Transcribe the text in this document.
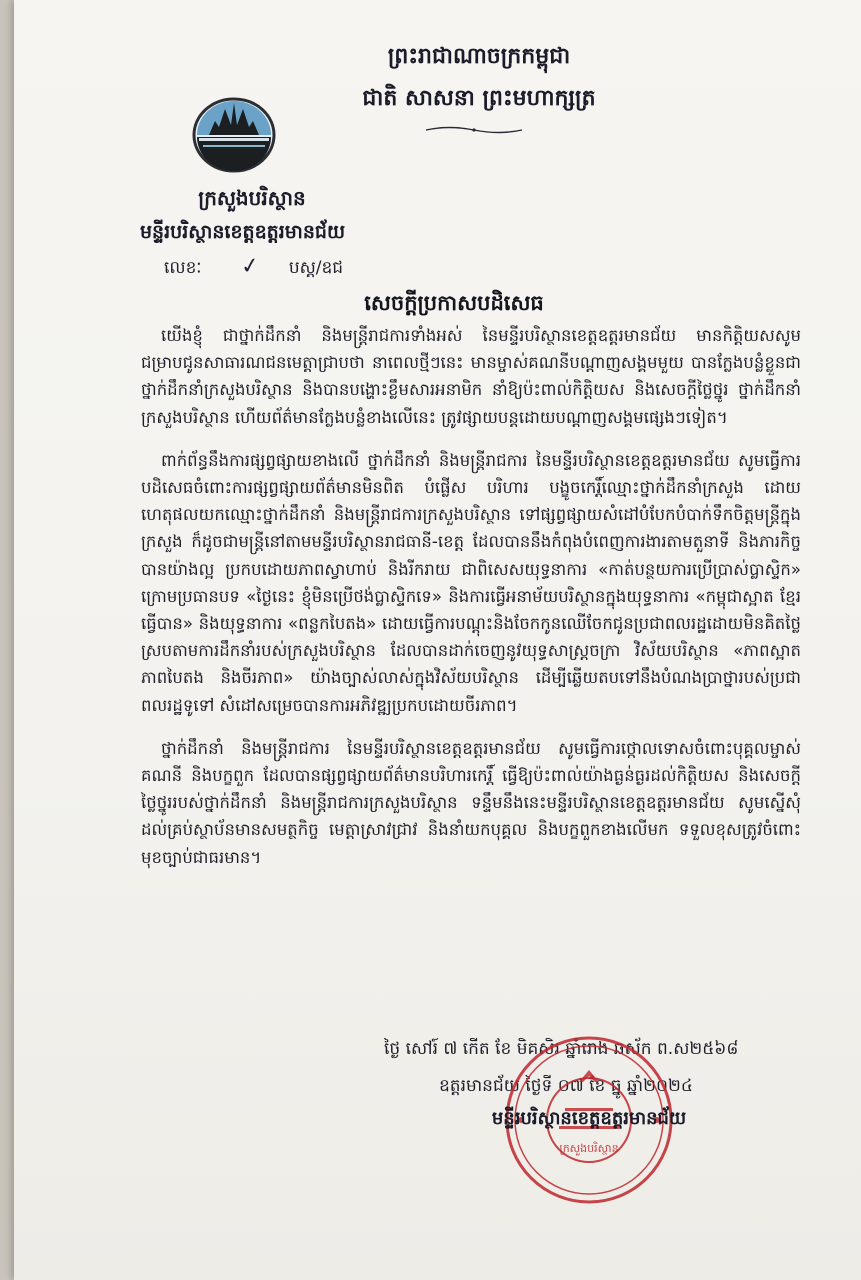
ព្រះរាជាណាចក្រកម្ពុជា
ជាតិ សាសនា ព្រះមហាក្សត្រ
ក្រសួងបរិស្ថាន
មន្ទីរបរិស្ថានខេត្តឧត្តរមានជ័យ
លេខៈ ✓ បស្ត/ឧជ
សេចក្តីប្រកាសបដិសេធ

យើងខ្ញុំ ជាថ្នាក់ដឹកនាំ និងមន្ត្រីរាជការទាំងអស់ នៃមន្ទីរបរិស្ថានខេត្តឧត្តរមានជ័យ មានកិត្តិយសសូមជម្រាបជូនសាធារណជនមេត្តាជ្រាបថា នាពេលថ្មីៗនេះ មានម្ចាស់គណនីបណ្តាញសង្គមមួយ បានក្លែងបន្លំខ្លួនជាថ្នាក់ដឹកនាំក្រសួងបរិស្ថាន និងបានបង្ហោះខ្លឹមសារអនាមិក នាំឱ្យប៉ះពាល់កិត្តិយស និងសេចក្តីថ្លៃថ្នូរ ថ្នាក់ដឹកនាំក្រសួងបរិស្ថាន ហើយព័ត៌មានក្លែងបន្លំខាងលើនេះ ត្រូវផ្សាយបន្តដោយបណ្តាញសង្គមផ្សេងៗទៀត។

ពាក់ព័ន្ធនឹងការផ្សព្វផ្សាយខាងលើ ថ្នាក់ដឹកនាំ និងមន្ត្រីរាជការ នៃមន្ទីរបរិស្ថានខេត្តឧត្តរមានជ័យ សូមធ្វើការបដិសេធចំពោះការផ្សព្វផ្សាយព័ត៌មានមិនពិត បំផ្លើស បរិហារ បង្ខូចកេរ្តិ៍ឈ្មោះថ្នាក់ដឹកនាំក្រសួង ដោយហេតុផលយកឈ្មោះថ្នាក់ដឹកនាំ និងមន្ត្រីរាជការក្រសួងបរិស្ថាន ទៅផ្សព្វផ្សាយសំដៅបំបែកបំបាក់ទឹកចិត្តមន្ត្រីក្នុងក្រសួង ក៏ដូចជាមន្ត្រីនៅតាមមន្ទីរបរិស្ថានរាជធានី-ខេត្ត ដែលបាននឹងកំពុងបំពេញការងារតាមតួនាទី និងភារកិច្ចបានយ៉ាងល្អ ប្រកបដោយភាពស្វាហាប់ និងរីករាយ ជាពិសេសយុទ្ធនាការ «កាត់បន្ថយការប្រើប្រាស់ប្លាស្ទិក» ក្រោមប្រធានបទ «ថ្ងៃនេះ ខ្ញុំមិនប្រើថង់ប្លាស្ទិកទេ» និងការធ្វើអនាម័យបរិស្ថានក្នុងយុទ្ធនាការ «កម្ពុជាស្អាត ខ្មែរធ្វើបាន» និងយុទ្ធនាការ «ពន្លកបៃតង» ដោយធ្វើការបណ្តុះនិងចែកកូនឈើចែកជូនប្រជាពលរដ្ឋដោយមិនគិតថ្លៃ ស្របតាមការដឹកនាំរបស់ក្រសួងបរិស្ថាន ដែលបានដាក់ចេញនូវយុទ្ធសាស្ត្រចក្រា វិស័យបរិស្ថាន «ភាពស្អាត ភាពបៃតង និងចីរភាព» យ៉ាងច្បាស់លាស់ក្នុងវិស័យបរិស្ថាន ដើម្បីឆ្លើយតបទៅនឹងបំណងប្រាថ្នារបស់ប្រជាពលរដ្ឋទូទៅ សំដៅសម្រេចបានការអភិវឌ្ឍប្រកបដោយចីរភាព។

ថ្នាក់ដឹកនាំ និងមន្ត្រីរាជការ នៃមន្ទីរបរិស្ថានខេត្តឧត្តរមានជ័យ សូមធ្វើការថ្កោលទោសចំពោះបុគ្គលម្ចាស់គណនី និងបក្ខពួក ដែលបានផ្សព្វផ្សាយព័ត៌មានបរិហារកេរ្តិ៍ ធ្វើឱ្យប៉ះពាល់យ៉ាងធ្ងន់ធ្ងរដល់កិត្តិយស និងសេចក្តីថ្លៃថ្នូររបស់ថ្នាក់ដឹកនាំ និងមន្ត្រីរាជការក្រសួងបរិស្ថាន ទន្ទឹមនឹងនេះមន្ទីរបរិស្ថានខេត្តឧត្តរមានជ័យ សូមស្នើសុំដល់គ្រប់ស្ថាប័នមានសមត្ថកិច្ច មេត្តាស្រាវជ្រាវ និងនាំយកបុគ្គល និងបក្ខពួកខាងលើមក ទទួលខុសត្រូវចំពោះមុខច្បាប់ជាធរមាន។

ថ្ងៃ សៅរ៍ ៧ កើត ខែ មិគសិរ ឆ្នាំរោង ឆស័ក ព.ស២៥៦៨
ឧត្តរមានជ័យ ថ្ងៃទី ០៧ ខែ ធ្នូ ឆ្នាំ២០២៤
ក្រសួងបរិស្ថាន
មន្ទីរបរិស្ថានខេត្តឧត្តរមានជ័យ
